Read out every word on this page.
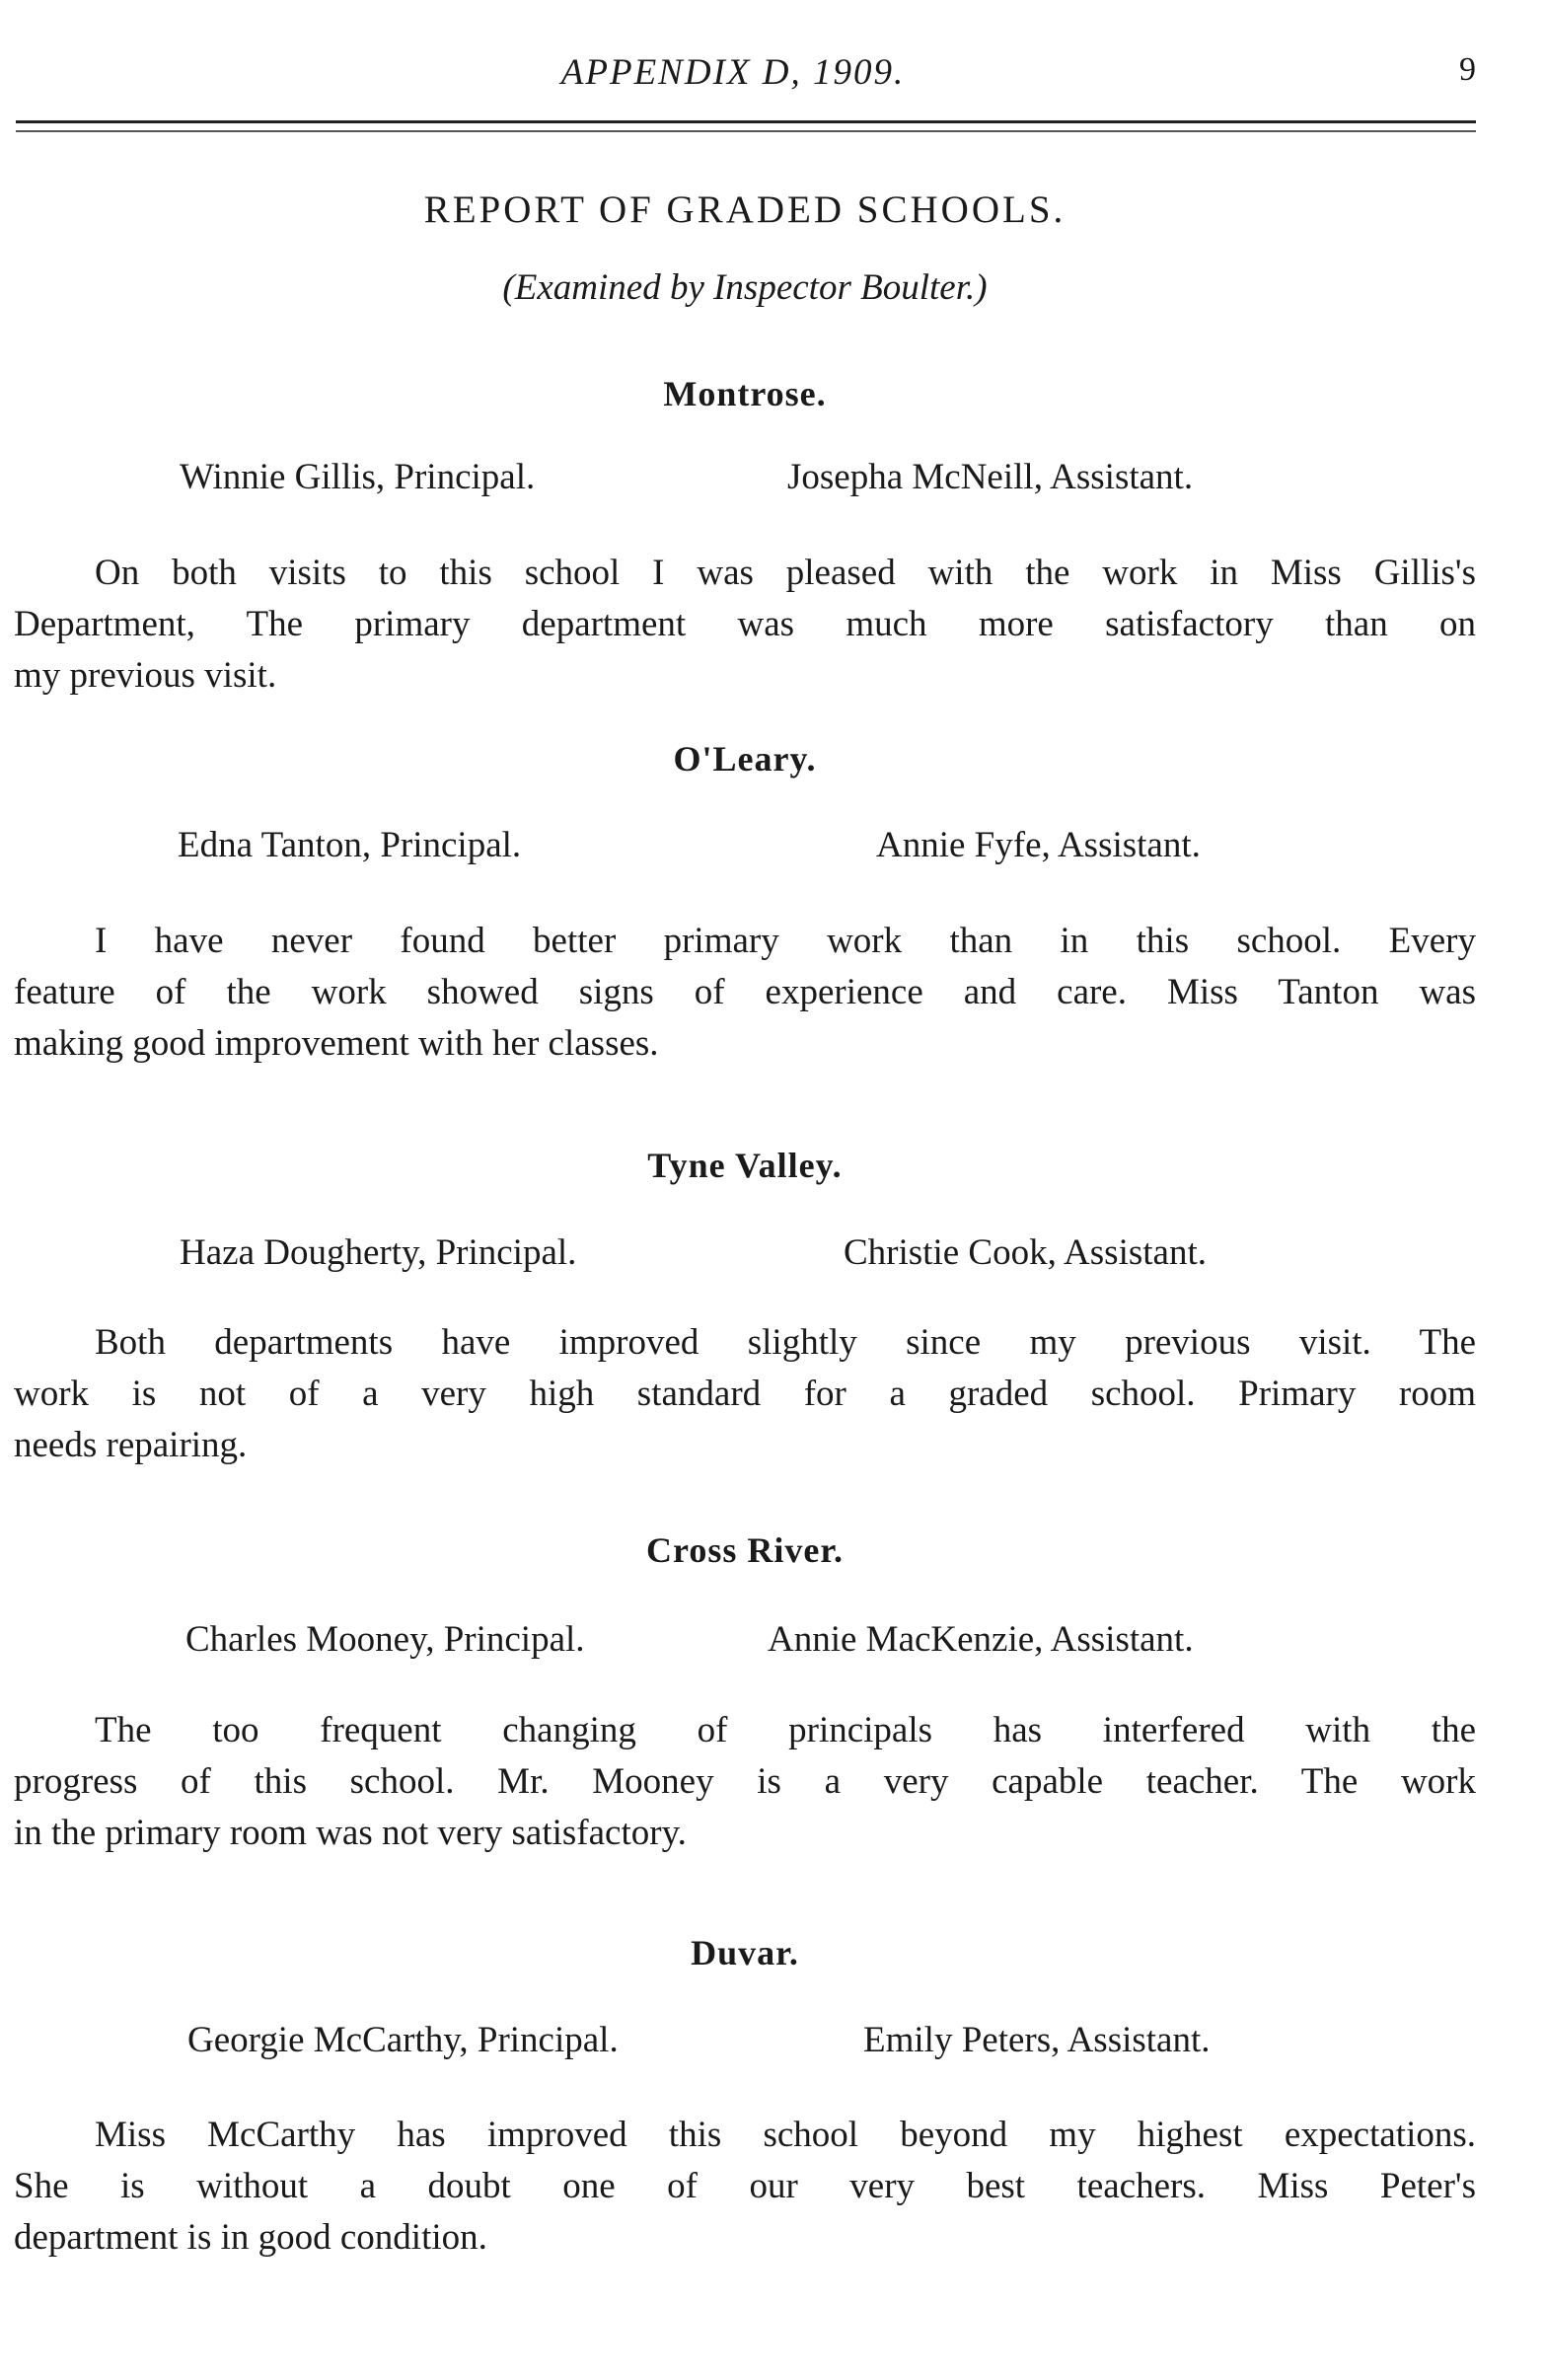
APPENDIX D, 1909.	9
REPORT OF GRADED SCHOOLS.
(Examined by Inspector Boulter.)
Montrose.
Winnie Gillis, Principal.	Josepha McNeill, Assistant.
On both visits to this school I was pleased with the work in Miss Gillis's
Department, The primary department was much more satisfactory than on
my previous visit.
O'Leary.
Edna Tanton, Principal.	Annie Fyfe, Assistant.
I have never found better primary work than in this school. Every
feature of the work showed signs of experience and care. Miss Tanton was
making good improvement with her classes.
Tyne Valley.
Haza Dougherty, Principal.	Christie Cook, Assistant.
Both departments have improved slightly since my previous visit. The
work is not of a very high standard for a graded school. Primary room
needs repairing.
Cross River.
Charles Mooney, Principal.	Annie MacKenzie, Assistant.
The too frequent changing of principals has interfered with the
progress of this school. Mr. Mooney is a very capable teacher. The work
in the primary room was not very satisfactory.
Duvar.
Georgie McCarthy, Principal.	Emily Peters, Assistant.
Miss McCarthy has improved this school beyond my highest expectations.
She is without a doubt one of our very best teachers. Miss Peter's
department is in good condition.
